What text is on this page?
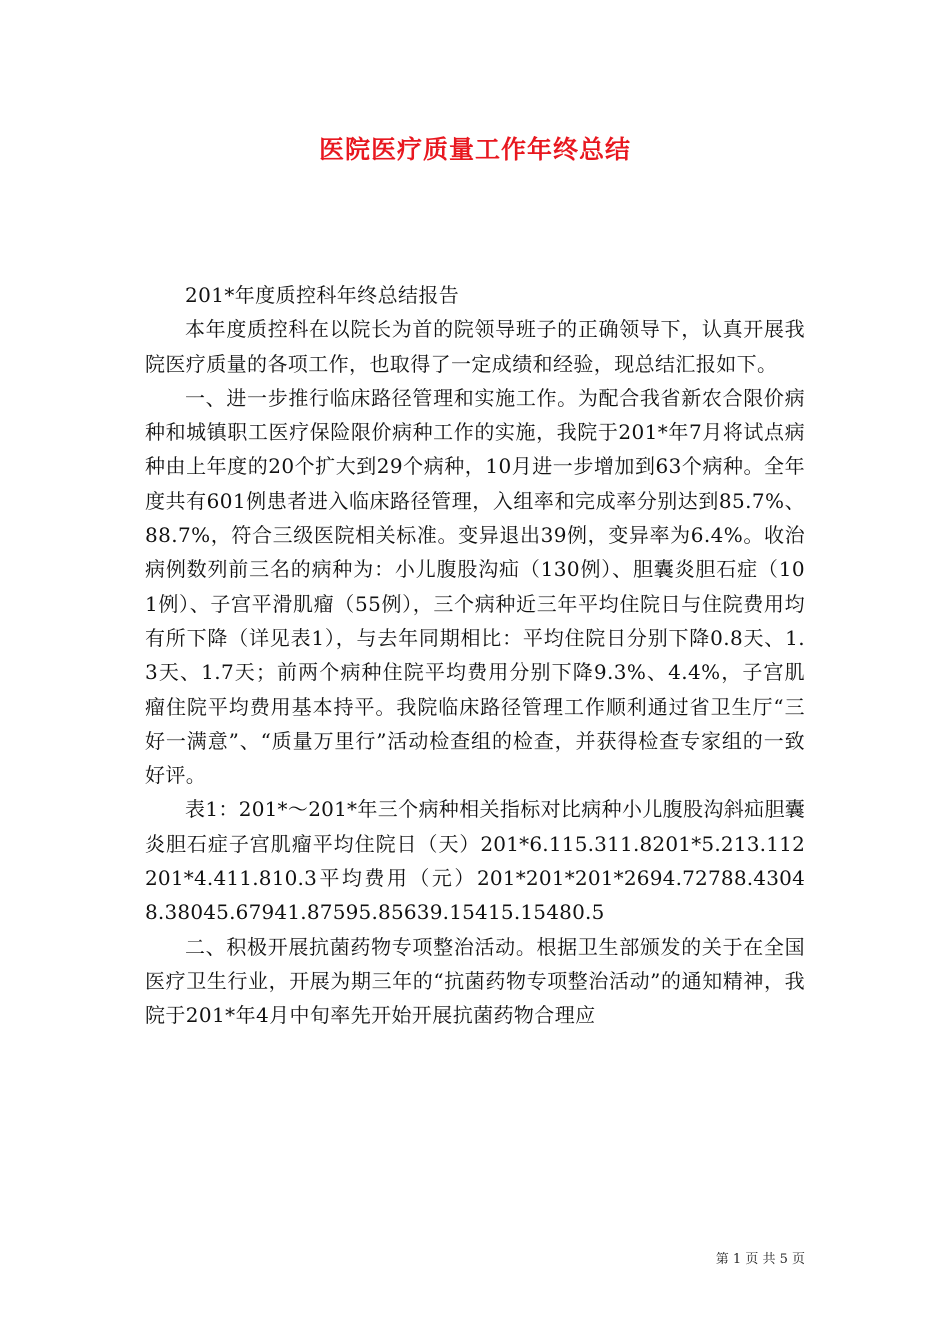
医院医疗质量工作年终总结

201*年度质控科年终总结报告

本年度质控科在以院长为首的院领导班子的正确领导下，认真开展我院医疗质量的各项工作，也取得了一定成绩和经验，现总结汇报如下。

一、进一步推行临床路径管理和实施工作。为配合我省新农合限价病种和城镇职工医疗保险限价病种工作的实施，我院于201*年7月将试点病种由上年度的20个扩大到29个病种，10月进一步增加到63个病种。全年度共有601例患者进入临床路径管理，入组率和完成率分别达到85.7%、88.7%，符合三级医院相关标准。变异退出39例，变异率为6.4%。收治病例数列前三名的病种为：小儿腹股沟疝（130例）、胆囊炎胆石症（101例）、子宫平滑肌瘤（55例），三个病种近三年平均住院日与住院费用均有所下降（详见表1），与去年同期相比：平均住院日分别下降0.8天、1.3天、1.7天；前两个病种住院平均费用分别下降9.3%、4.4%，子宫肌瘤住院平均费用基本持平。我院临床路径管理工作顺利通过省卫生厅“三好一满意”、“质量万里行”活动检查组的检查，并获得检查专家组的一致好评。

表1：201*～201*年三个病种相关指标对比病种小儿腹股沟斜疝胆囊炎胆石症子宫肌瘤平均住院日（天）201*6.115.311.8201*5.213.112201*4.411.810.3平均费用（元）201*201*201*2694.72788.43048.38045.67941.87595.85639.15415.15480.5

二、积极开展抗菌药物专项整治活动。根据卫生部颁发的关于在全国医疗卫生行业，开展为期三年的“抗菌药物专项整治活动”的通知精神，我院于201*年4月中旬率先开始开展抗菌药物合理应

第 1 页 共 5 页
